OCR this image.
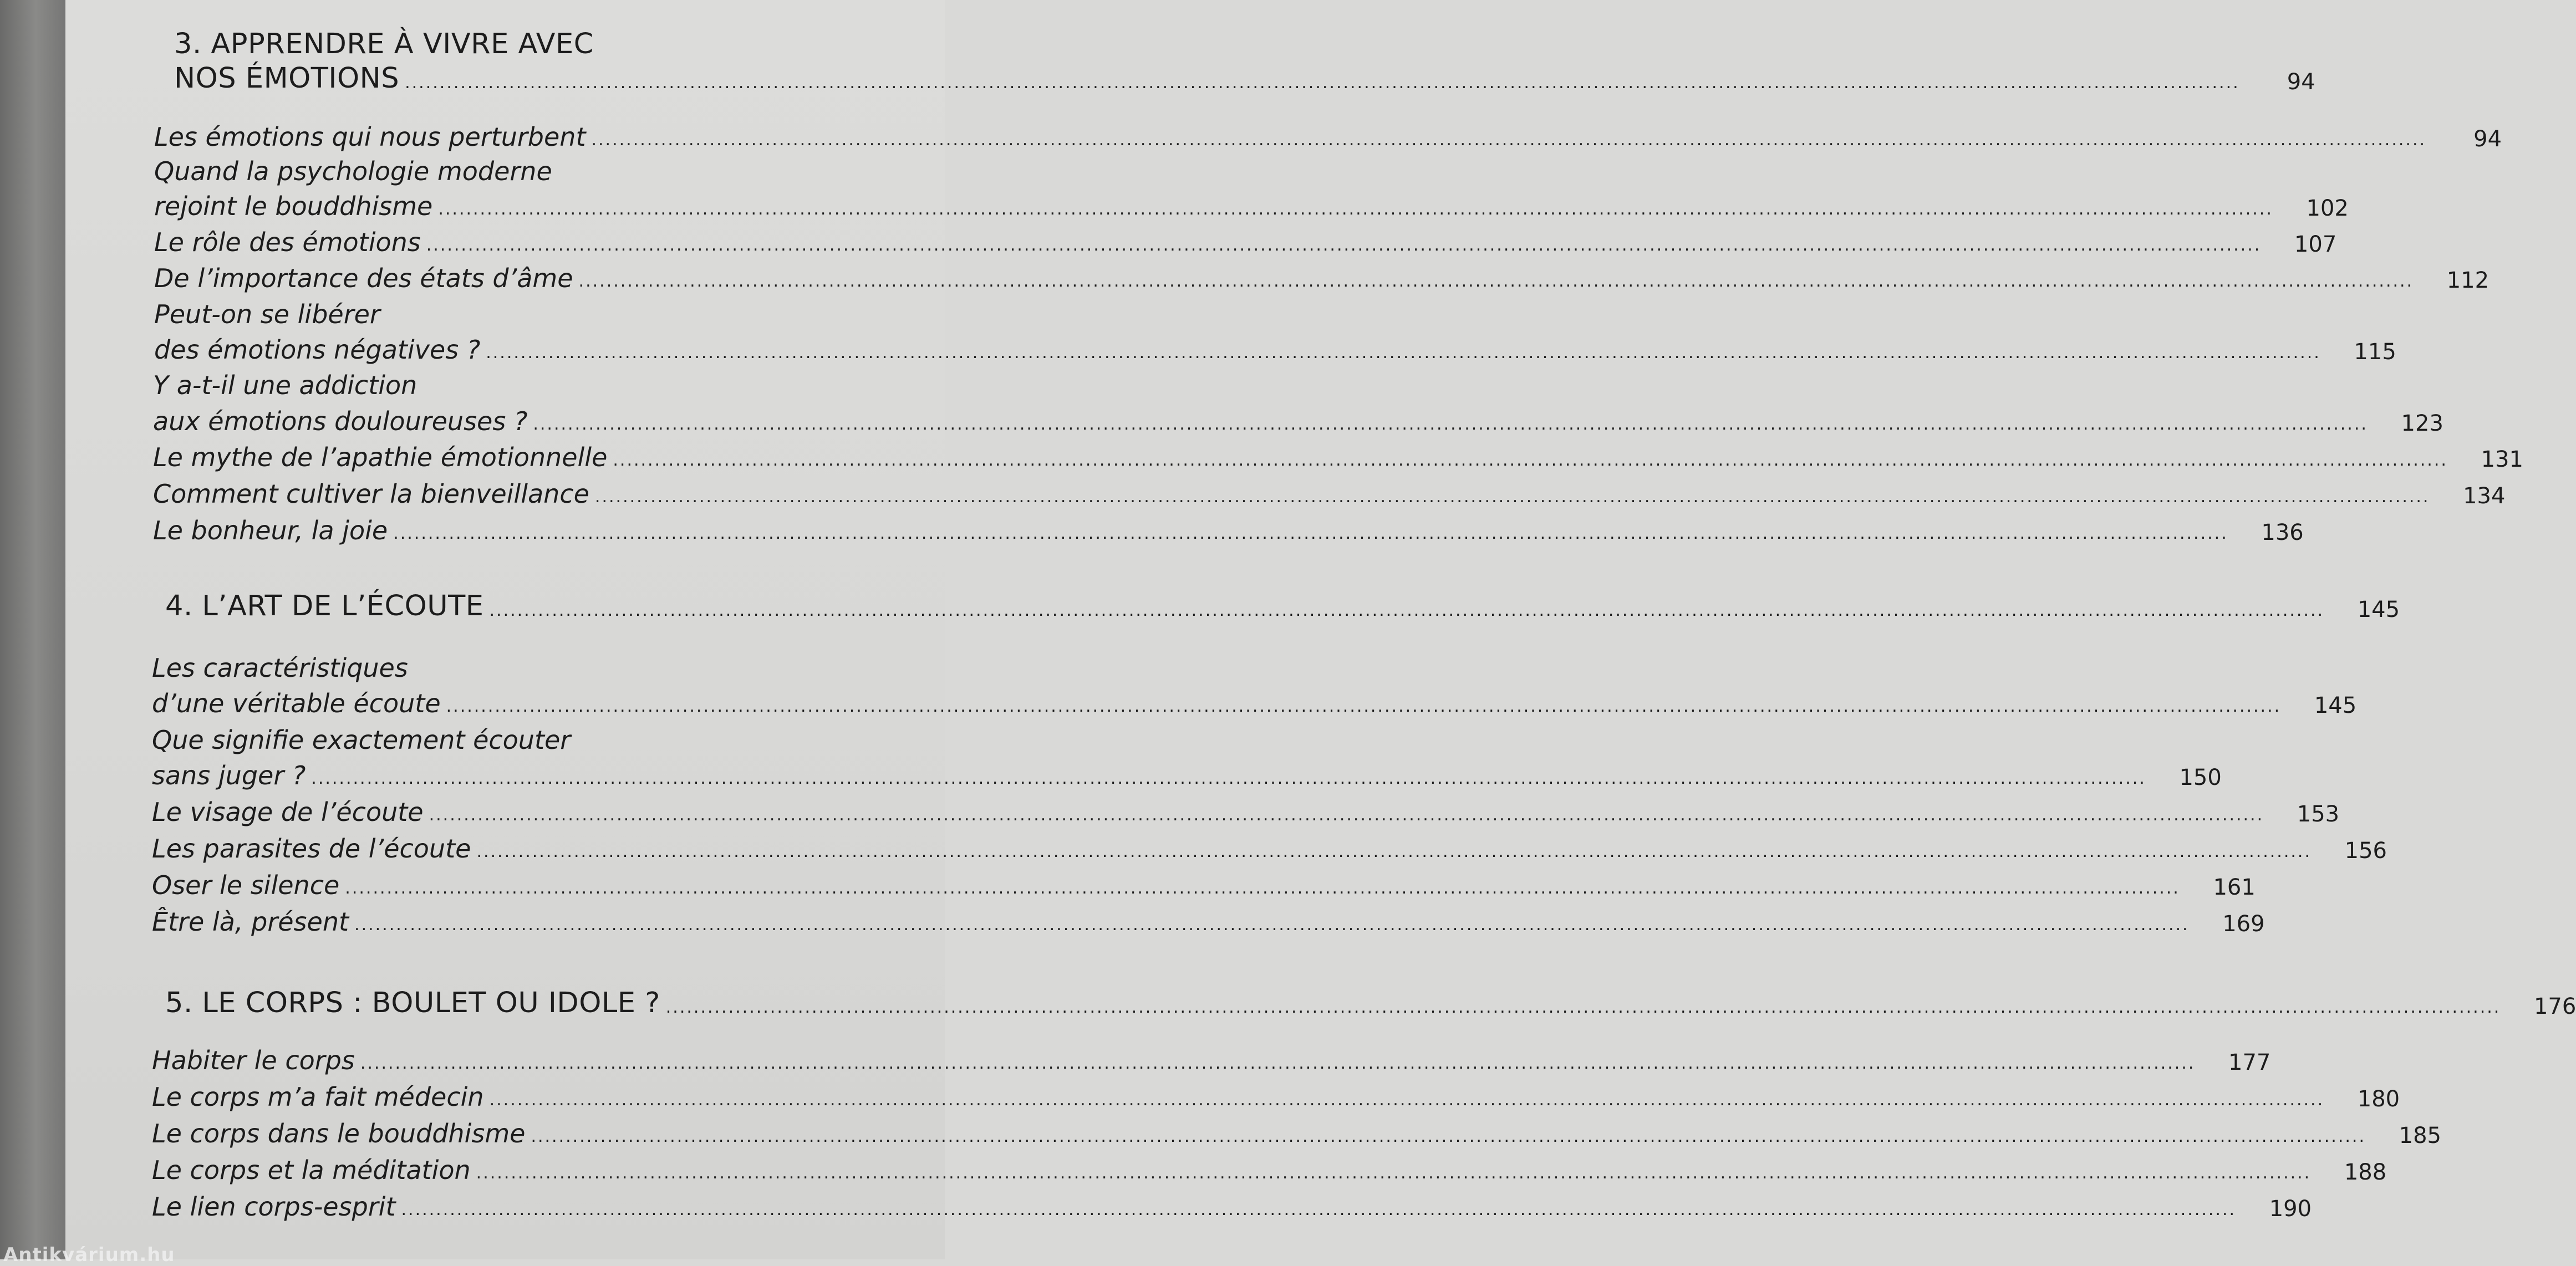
3. APPRENDRE À VIVRE AVEC
NOS ÉMOTIONS ........................................................................................................................................................................................................................................................................	94
Les émotions qui nous perturbent ........................................................................................................................................................................................................................................................................	94
Quand la psychologie moderne
rejoint le bouddhisme ........................................................................................................................................................................................................................................................................	102
Le rôle des émotions ........................................................................................................................................................................................................................................................................	107
De l’importance des états d’âme ........................................................................................................................................................................................................................................................................	112
Peut-on se libérer
des émotions négatives ? ........................................................................................................................................................................................................................................................................	115
Y a-t-il une addiction
aux émotions douloureuses ? ........................................................................................................................................................................................................................................................................	123
Le mythe de l’apathie émotionnelle ........................................................................................................................................................................................................................................................................	131
Comment cultiver la bienveillance ........................................................................................................................................................................................................................................................................	134
Le bonheur, la joie ........................................................................................................................................................................................................................................................................	136
4. L’ART DE L’ÉCOUTE ........................................................................................................................................................................................................................................................................	145
Les caractéristiques
d’une véritable écoute ........................................................................................................................................................................................................................................................................	145
Que signifie exactement écouter
sans juger ? ........................................................................................................................................................................................................................................................................	150
Le visage de l’écoute ........................................................................................................................................................................................................................................................................	153
Les parasites de l’écoute ........................................................................................................................................................................................................................................................................	156
Oser le silence ........................................................................................................................................................................................................................................................................	161
Être là, présent ........................................................................................................................................................................................................................................................................	169
5. LE CORPS : BOULET OU IDOLE ? ........................................................................................................................................................................................................................................................................	176
Habiter le corps ........................................................................................................................................................................................................................................................................	177
Le corps m’a fait médecin ........................................................................................................................................................................................................................................................................	180
Le corps dans le bouddhisme ........................................................................................................................................................................................................................................................................	185
Le corps et la méditation ........................................................................................................................................................................................................................................................................	188
Le lien corps-esprit ........................................................................................................................................................................................................................................................................	190
Antikvárium.hu
